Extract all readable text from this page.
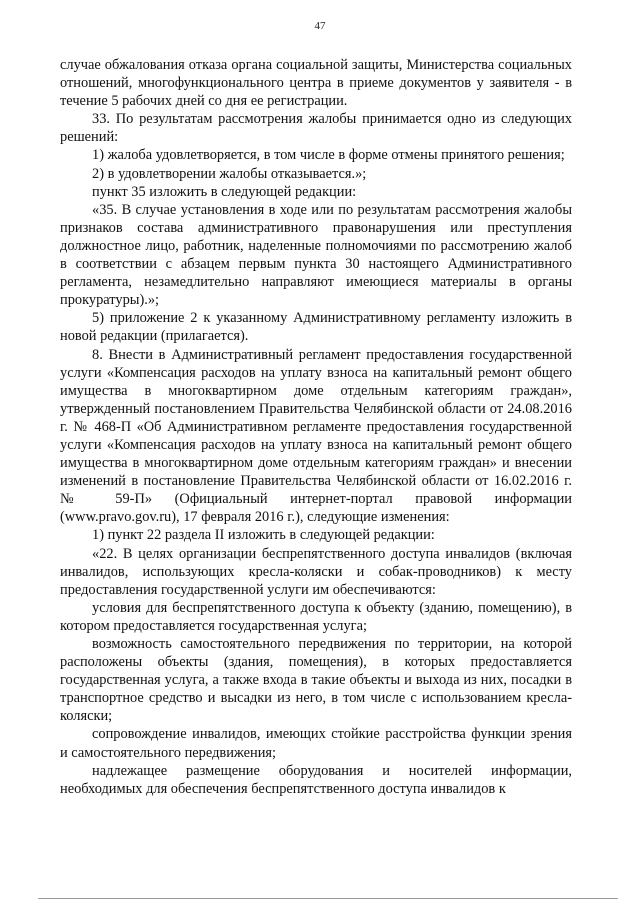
47

случае обжалования отказа органа социальной защиты, Министерства социальных отношений, многофункционального центра в приеме документов у заявителя - в течение 5 рабочих дней со дня ее регистрации.

33. По результатам рассмотрения жалобы принимается одно из следующих решений:

1) жалоба удовлетворяется, в том числе в форме отмены принятого решения;

2) в удовлетворении жалобы отказывается.»;

пункт 35 изложить в следующей редакции:

«35. В случае установления в ходе или по результатам рассмотрения жалобы признаков состава административного правонарушения или преступления должностное лицо, работник, наделенные полномочиями по рассмотрению жалоб в соответствии с абзацем первым пункта 30 настоящего Административного регламента, незамедлительно направляют имеющиеся материалы в органы прокуратуры).»;

5) приложение 2 к указанному Административному регламенту изложить в новой редакции (прилагается).

8. Внести в Административный регламент предоставления государственной услуги «Компенсация расходов на уплату взноса на капитальный ремонт общего имущества в многоквартирном доме отдельным категориям граждан», утвержденный постановлением Правительства Челябинской области от 24.08.2016 г. № 468-П «Об Административном регламенте предоставления государственной услуги «Компенсация расходов на уплату взноса на капитальный ремонт общего имущества в многоквартирном доме отдельным категориям граждан» и внесении изменений в постановление Правительства Челябинской области от 16.02.2016 г. № 59-П» (Официальный интернет-портал правовой информации (www.pravo.gov.ru), 17 февраля 2016 г.), следующие изменения:

1) пункт 22 раздела II изложить в следующей редакции:

«22. В целях организации беспрепятственного доступа инвалидов (включая инвалидов, использующих кресла-коляски и собак-проводников) к месту предоставления государственной услуги им обеспечиваются:

условия для беспрепятственного доступа к объекту (зданию, помещению), в котором предоставляется государственная услуга;

возможность самостоятельного передвижения по территории, на которой расположены объекты (здания, помещения), в которых предоставляется государственная услуга, а также входа в такие объекты и выхода из них, посадки в транспортное средство и высадки из него, в том числе с использованием кресла-коляски;

сопровождение инвалидов, имеющих стойкие расстройства функции зрения и самостоятельного передвижения;

надлежащее размещение оборудования и носителей информации, необходимых для обеспечения беспрепятственного доступа инвалидов к
